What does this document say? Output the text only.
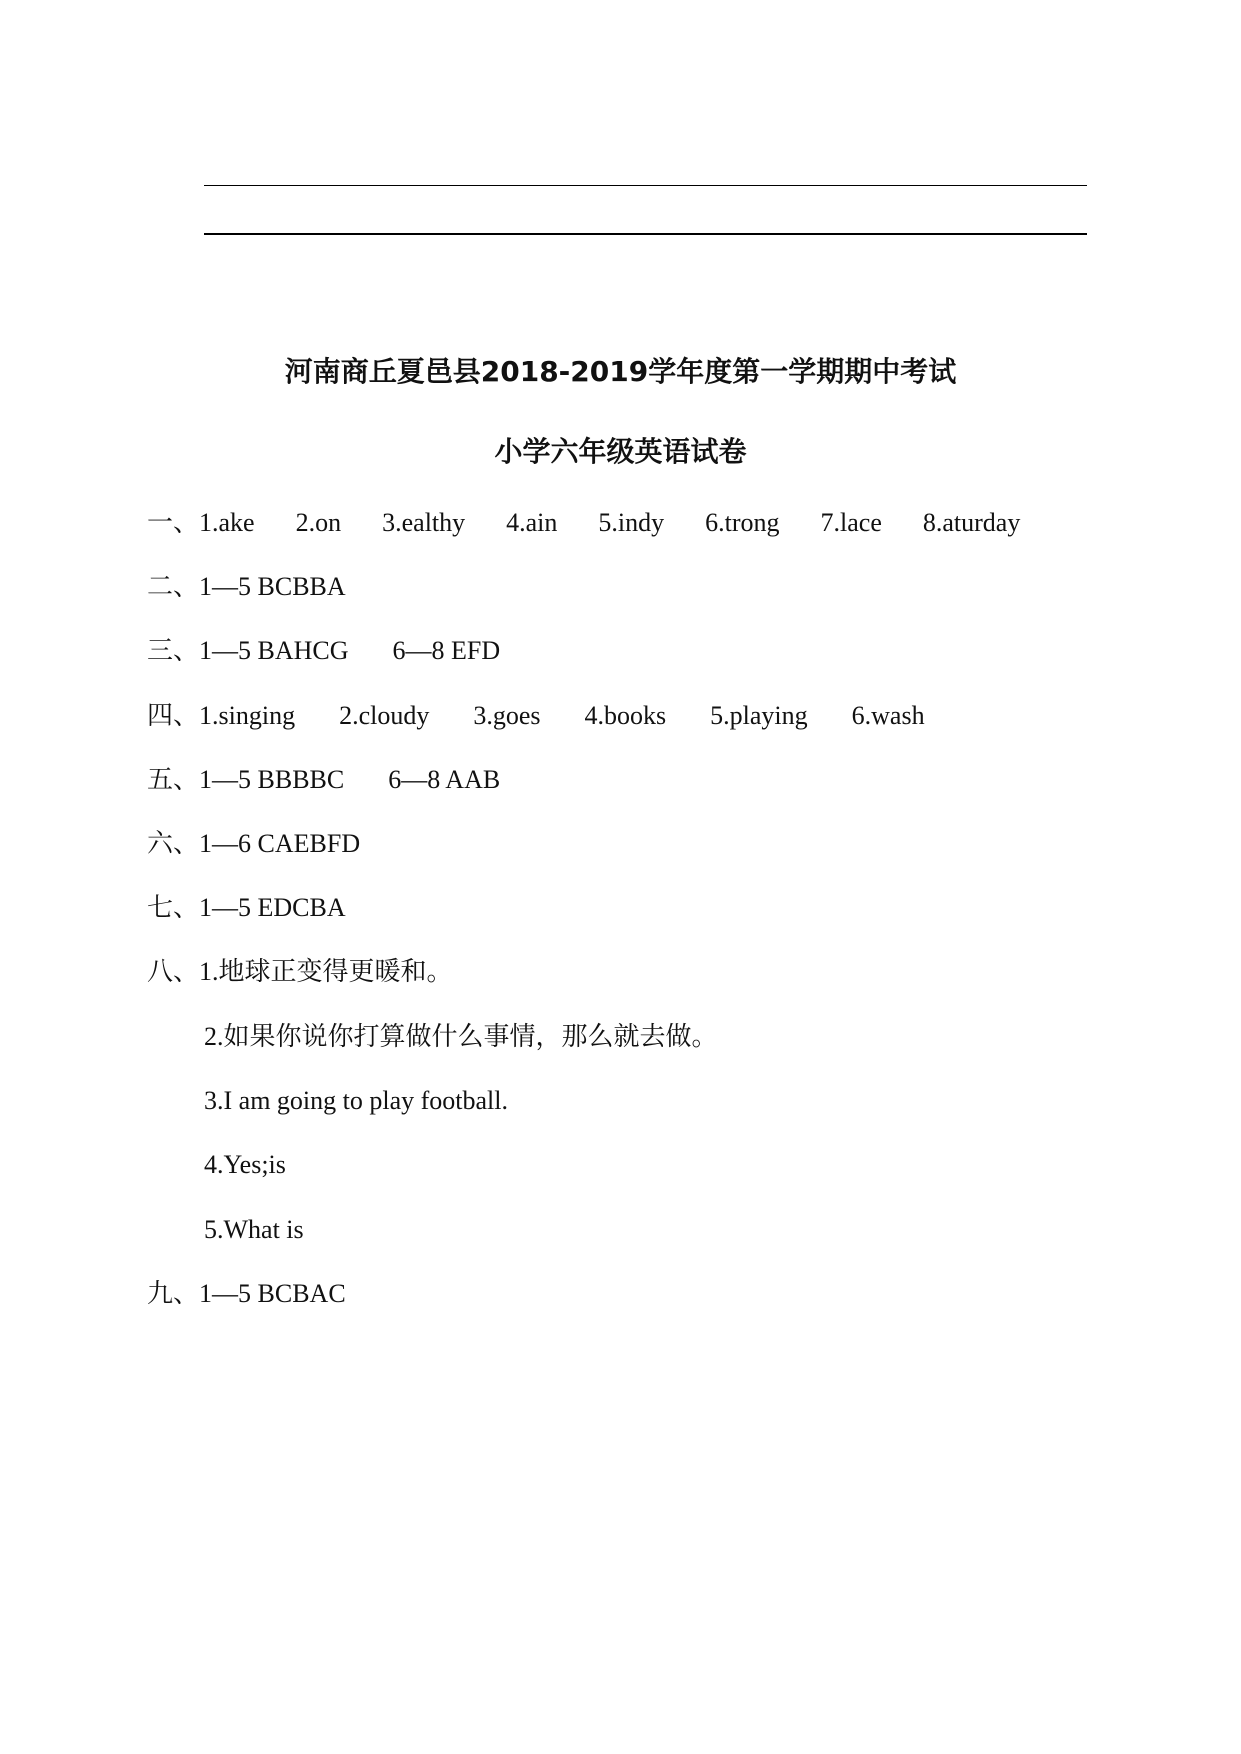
河南商丘夏邑县2018-2019学年度第一学期期中考试
小学六年级英语试卷
一、 1.ake 2.on 3.ealthy 4.ain 5.indy 6.trong 7.lace 8.aturday
二、 1—5 BCBBA
三、 1—5 BAHCG 6—8 EFD
四、 1.singing 2.cloudy 3.goes 4.books 5.playing 6.wash
五、 1—5 BBBBC 6—8 AAB
六、 1—6 CAEBFD
七、 1—5 EDCBA
八、 1.地球正变得更暖和。
2.如果你说你打算做什么事情，那么就去做。
3.I am going to play football.
4.Yes;is
5.What is
九、 1—5 BCBAC
